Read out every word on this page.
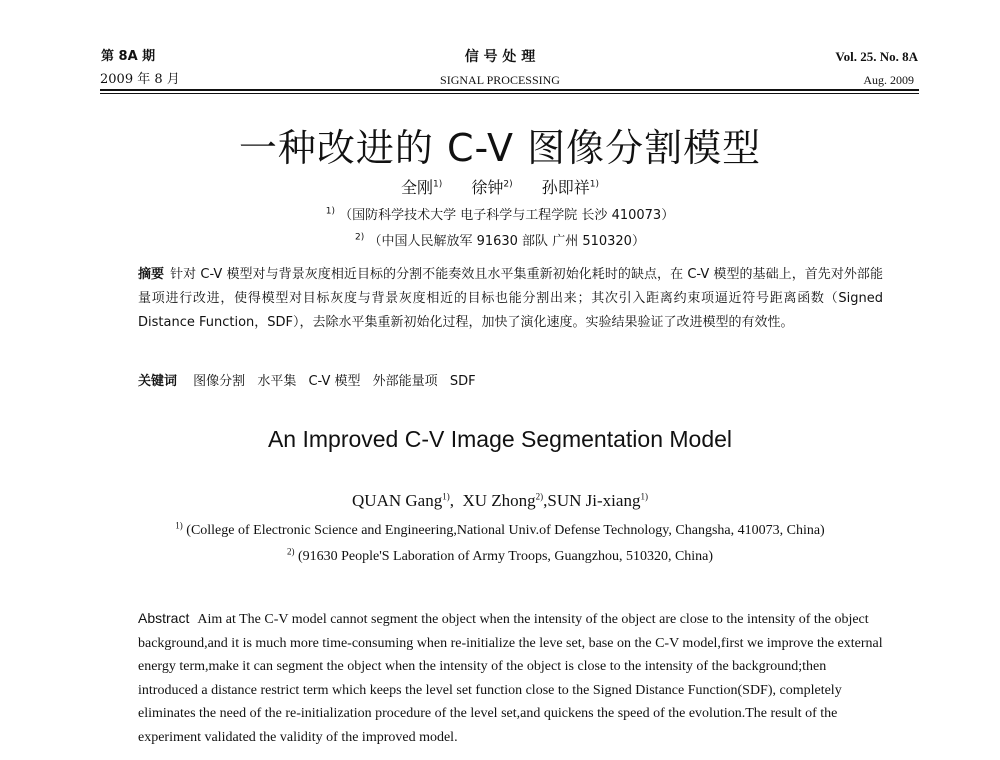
第 8A 期
2009 年 8 月
信 号 处 理
SIGNAL PROCESSING
Vol. 25. No. 8A
Aug. 2009
一种改进的 C-V 图像分割模型
全刚$^{1)}$ 徐钟$^{2)}$ 孙即祥$^{1)}$
$^{1)}$ （国防科学技术大学 电子科学与工程学院 长沙 410073）
$^{2)}$ （中国人民解放军 91630 部队 广州 510320）
摘要 针对 C-V 模型对与背景灰度相近目标的分割不能奏效且水平集重新初始化耗时的缺点，在 C-V 模型的基础上，首先对外部能量项进行改进，使得模型对目标灰度与背景灰度相近的目标也能分割出来；其次引入距离约束项逼近符号距离函数（Signed Distance Function，SDF），去除水平集重新初始化过程，加快了演化速度。实验结果验证了改进模型的有效性。
关键词 图像分割 水平集 C-V 模型 外部能量项 SDF
An Improved C-V Image Segmentation Model
QUAN Gang$^{1)}$,  XU Zhong$^{2)}$,SUN Ji-xiang$^{1)}$
$^{1)}$ (College of Electronic Science and Engineering,National Univ.of Defense Technology, Changsha, 410073, China)
$^{2)}$ (91630 People'S Laboration of Army Troops, Guangzhou, 510320, China)
Abstract Aim at The C-V model cannot segment the object when the intensity of the object are close to the intensity of the object background,and it is much more time-consuming when re-initialize the leve set, base on the C-V model,first we improve the external energy term,make it can segment the object when the intensity of the object is close to the intensity of the background;then introduced a distance restrict term which keeps the level set function close to the Signed Distance Function(SDF), completely eliminates the need of the re-initialization procedure of the level set,and quickens the speed of the evolution.The result of the experiment validated the validity of the improved model.
